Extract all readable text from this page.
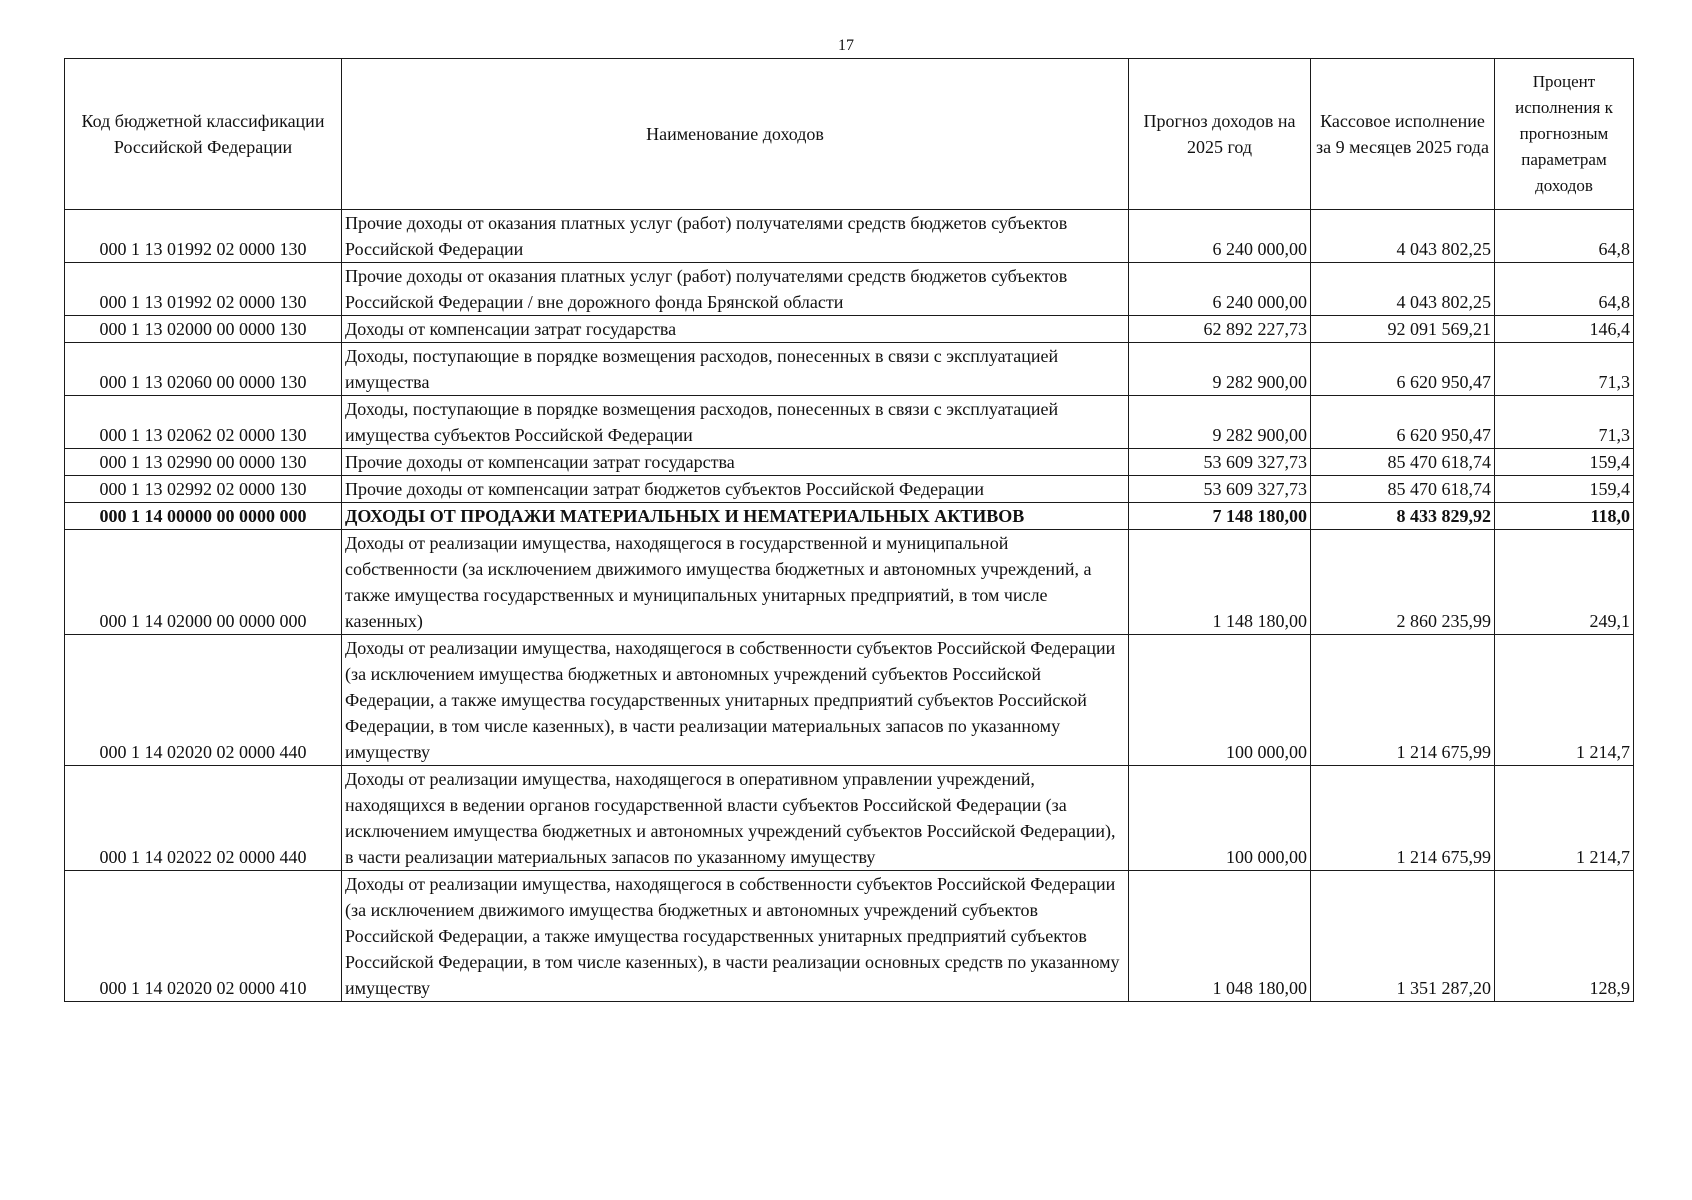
17
Код бюджетной классификации Российской Федерации	Наименование доходов	Прогноз доходов на 2025 год	Кассовое исполнение за 9 месяцев 2025 года	Процент исполнения к прогнозным параметрам доходов
000 1 13 01992 02 0000 130	Прочие доходы от оказания платных услуг (работ) получателями средств бюджетов субъектов Российской Федерации	6 240 000,00	4 043 802,25	64,8
000 1 13 01992 02 0000 130	Прочие доходы от оказания платных услуг (работ) получателями средств бюджетов субъектов Российской Федерации / вне дорожного фонда Брянской области	6 240 000,00	4 043 802,25	64,8
000 1 13 02000 00 0000 130	Доходы от компенсации затрат государства	62 892 227,73	92 091 569,21	146,4
000 1 13 02060 00 0000 130	Доходы, поступающие в порядке возмещения расходов, понесенных в связи с эксплуатацией имущества	9 282 900,00	6 620 950,47	71,3
000 1 13 02062 02 0000 130	Доходы, поступающие в порядке возмещения расходов, понесенных в связи с эксплуатацией имущества субъектов Российской Федерации	9 282 900,00	6 620 950,47	71,3
000 1 13 02990 00 0000 130	Прочие доходы от компенсации затрат государства	53 609 327,73	85 470 618,74	159,4
000 1 13 02992 02 0000 130	Прочие доходы от компенсации затрат бюджетов субъектов Российской Федерации	53 609 327,73	85 470 618,74	159,4
000 1 14 00000 00 0000 000	ДОХОДЫ ОТ ПРОДАЖИ МАТЕРИАЛЬНЫХ И НЕМАТЕРИАЛЬНЫХ АКТИВОВ	7 148 180,00	8 433 829,92	118,0
000 1 14 02000 00 0000 000	Доходы от реализации имущества, находящегося в государственной и муниципальной собственности (за исключением движимого имущества бюджетных и автономных учреждений, а также имущества государственных и муниципальных унитарных предприятий, в том числе казенных)	1 148 180,00	2 860 235,99	249,1
000 1 14 02020 02 0000 440	Доходы от реализации имущества, находящегося в собственности субъектов Российской Федерации (за исключением имущества бюджетных и автономных учреждений субъектов Российской Федерации, а также имущества государственных унитарных предприятий субъектов Российской Федерации, в том числе казенных), в части реализации материальных запасов по указанному имуществу	100 000,00	1 214 675,99	1 214,7
000 1 14 02022 02 0000 440	Доходы от реализации имущества, находящегося в оперативном управлении учреждений, находящихся в ведении органов государственной власти субъектов Российской Федерации (за исключением имущества бюджетных и автономных учреждений субъектов Российской Федерации), в части реализации материальных запасов по указанному имуществу	100 000,00	1 214 675,99	1 214,7
000 1 14 02020 02 0000 410	Доходы от реализации имущества, находящегося в собственности субъектов Российской Федерации (за исключением движимого имущества бюджетных и автономных учреждений субъектов Российской Федерации, а также имущества государственных унитарных предприятий субъектов Российской Федерации, в том числе казенных), в части реализации основных средств по указанному имуществу	1 048 180,00	1 351 287,20	128,9
